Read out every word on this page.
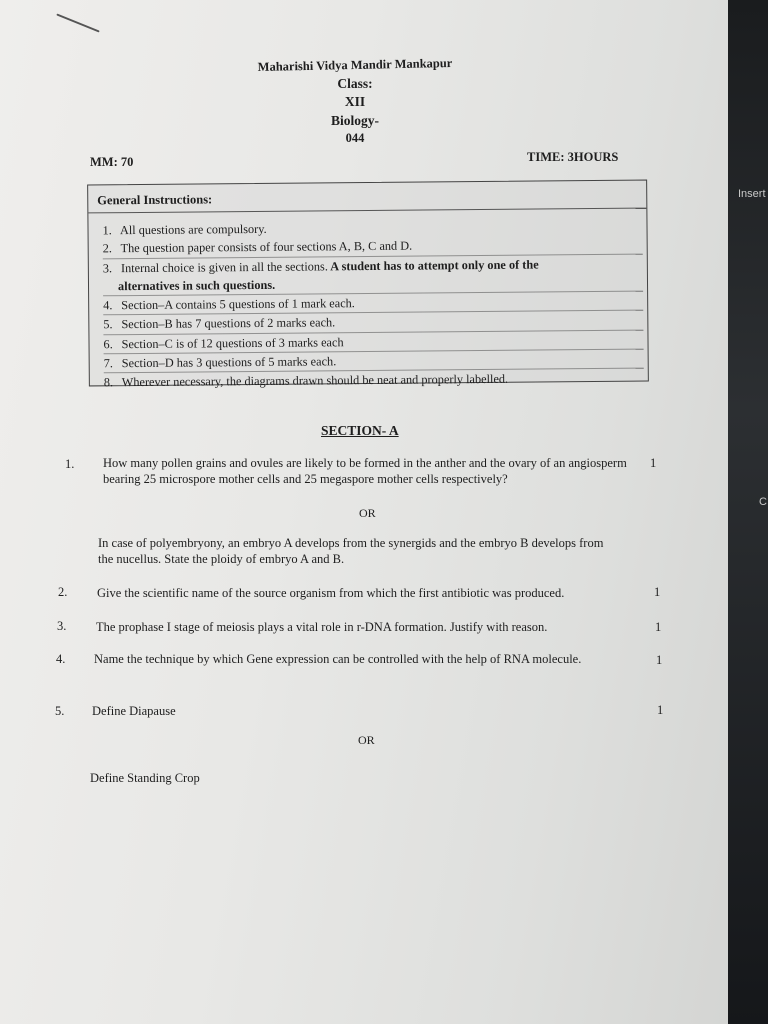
Maharishi Vidya Mandir Mankapur
Class:
XII
Biology-
044
MM: 70	TIME: 3HOURS
General Instructions:
1. All questions are compulsory.
2. The question paper consists of four sections A, B, C and D.
3. Internal choice is given in all the sections. A student has to attempt only one of the
alternatives in such questions.
4. Section–A contains 5 questions of 1 mark each.
5. Section–B has 7 questions of 2 marks each.
6. Section–C is of 12 questions of 3 marks each
7. Section–D has 3 questions of 5 marks each.
8. Wherever necessary, the diagrams drawn should be neat and properly labelled.
SECTION- A
1. How many pollen grains and ovules are likely to be formed in the anther and the ovary of an angiosperm bearing 25 microspore mother cells and 25 megaspore mother cells respectively?
1
OR
In case of polyembryony, an embryo A develops from the synergids and the embryo B develops from the nucellus. State the ploidy of embryo A and B.
2. Give the scientific name of the source organism from which the first antibiotic was produced.	1
3. The prophase I stage of meiosis plays a vital role in r-DNA formation. Justify with reason.	1
4. Name the technique by which Gene expression can be controlled with the help of RNA molecule.	1
5. Define Diapause	1
OR
Define Standing Crop
Insert
C
